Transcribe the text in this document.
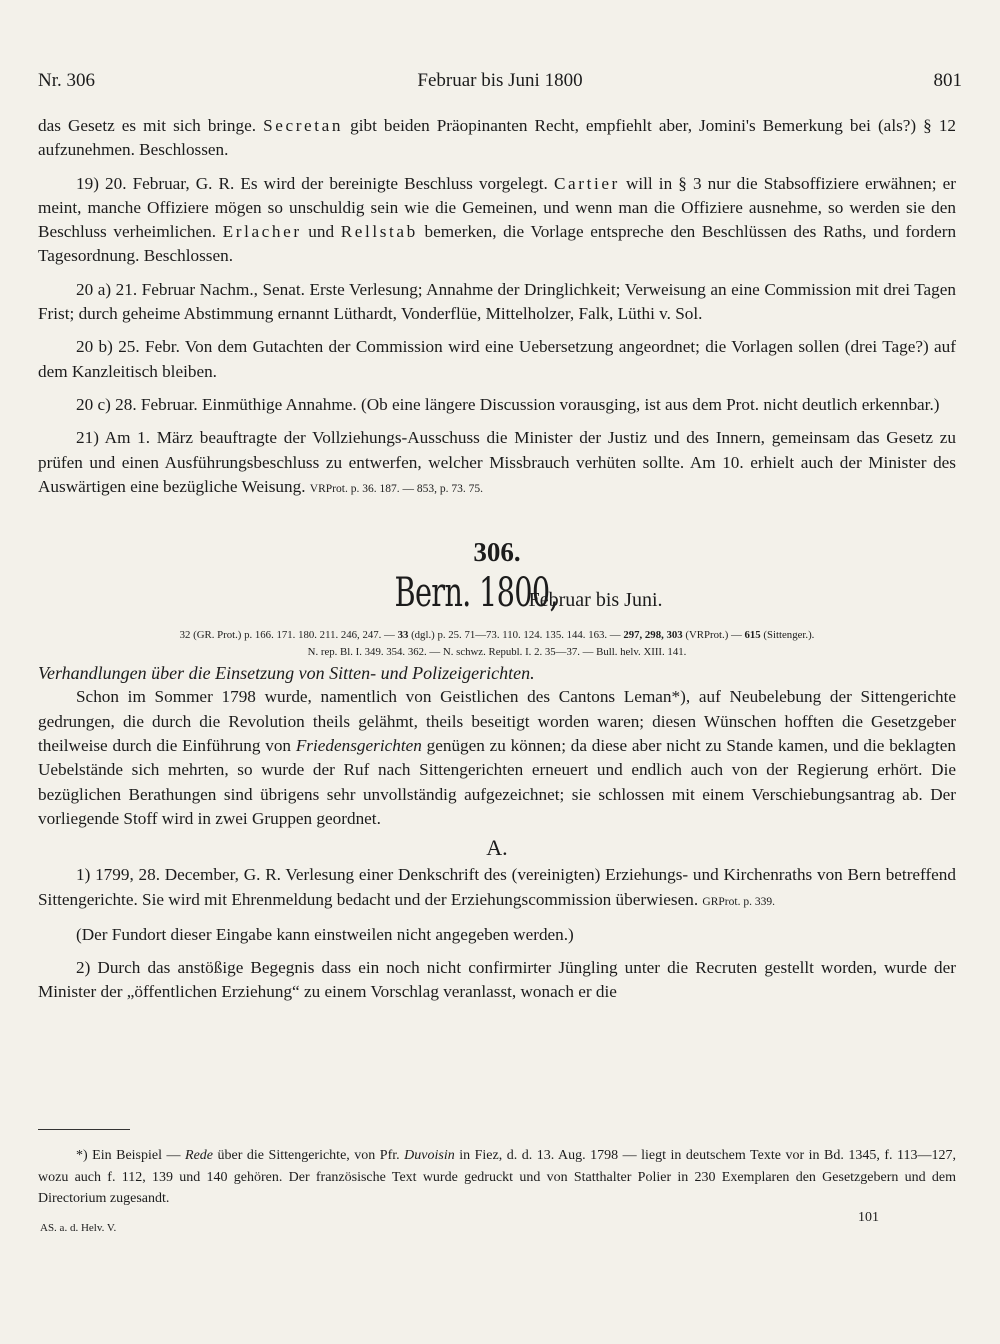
Nr. 306	Februar bis Juni 1800	801

das Gesetz es mit sich bringe. Secretan gibt beiden Präopinanten Recht, empfiehlt aber, Jomini's Bemerkung bei (als?) § 12 aufzunehmen. Beschlossen.

19) 20. Februar, G. R. Es wird der bereinigte Beschluss vorgelegt. Cartier will in § 3 nur die Stabsoffiziere erwähnen; er meint, manche Offiziere mögen so unschuldig sein wie die Gemeinen, und wenn man die Offiziere ausnehme, so werden sie den Beschluss verheimlichen. Erlacher und Rellstab bemerken, die Vorlage entspreche den Beschlüssen des Raths, und fordern Tagesordnung. Beschlossen.

20 a) 21. Februar Nachm., Senat. Erste Verlesung; Annahme der Dringlichkeit; Verweisung an eine Commission mit drei Tagen Frist; durch geheime Abstimmung ernannt Lüthardt, Vonderflüe, Mittelholzer, Falk, Lüthi v. Sol.

20 b) 25. Febr. Von dem Gutachten der Commission wird eine Uebersetzung angeordnet; die Vorlagen sollen (drei Tage?) auf dem Kanzleitisch bleiben.

20 c) 28. Februar. Einmüthige Annahme. (Ob eine längere Discussion vorausging, ist aus dem Prot. nicht deutlich erkennbar.)

21) Am 1. März beauftragte der Vollziehungs-Ausschuss die Minister der Justiz und des Innern, gemeinsam das Gesetz zu prüfen und einen Ausführungsbeschluss zu entwerfen, welcher Missbrauch verhüten sollte. Am 10. erhielt auch der Minister des Auswärtigen eine bezügliche Weisung. VRProt. p. 36. 187. — 853, p. 73. 75.

306.
Bern. 1800, Februar bis Juni.
32 (GR. Prot.) p. 166. 171. 180. 211. 246, 247. — 33 (dgl.) p. 25. 71—73. 110. 124. 135. 144. 163. — 297, 298, 303 (VRProt.) — 615 (Sittenger.).
N. rep. Bl. I. 349. 354. 362. — N. schwz. Republ. I. 2. 35—37. — Bull. helv. XIII. 141.

Verhandlungen über die Einsetzung von Sitten- und Polizeigerichten.

Schon im Sommer 1798 wurde, namentlich von Geistlichen des Cantons Leman*), auf Neubelebung der Sittengerichte gedrungen, die durch die Revolution theils gelähmt, theils beseitigt worden waren; diesen Wünschen hofften die Gesetzgeber theilweise durch die Einführung von Friedensgerichten genügen zu können; da diese aber nicht zu Stande kamen, und die beklagten Uebelstände sich mehrten, so wurde der Ruf nach Sittengerichten erneuert und endlich auch von der Regierung erhört. Die bezüglichen Berathungen sind übrigens sehr unvollständig aufgezeichnet; sie schlossen mit einem Verschiebungsantrag ab. Der vorliegende Stoff wird in zwei Gruppen geordnet.

A.

1) 1799, 28. December, G. R. Verlesung einer Denkschrift des (vereinigten) Erziehungs- und Kirchenraths von Bern betreffend Sittengerichte. Sie wird mit Ehrenmeldung bedacht und der Erziehungscommission überwiesen. GRProt. p. 339.

(Der Fundort dieser Eingabe kann einstweilen nicht angegeben werden.)

2) Durch das anstößige Begegnis dass ein noch nicht confirmirter Jüngling unter die Recruten gestellt worden, wurde der Minister der „öffentlichen Erziehung“ zu einem Vorschlag veranlasst, wonach er die

*) Ein Beispiel — Rede über die Sittengerichte, von Pfr. Duvoisin in Fiez, d. d. 13. Aug. 1798 — liegt in deutschem Texte vor in Bd. 1345, f. 113—127, wozu auch f. 112, 139 und 140 gehören. Der französische Text wurde gedruckt und von Statthalter Polier in 230 Exemplaren den Gesetzgebern und dem Directorium zugesandt.

AS. a. d. Helv. V.
101
